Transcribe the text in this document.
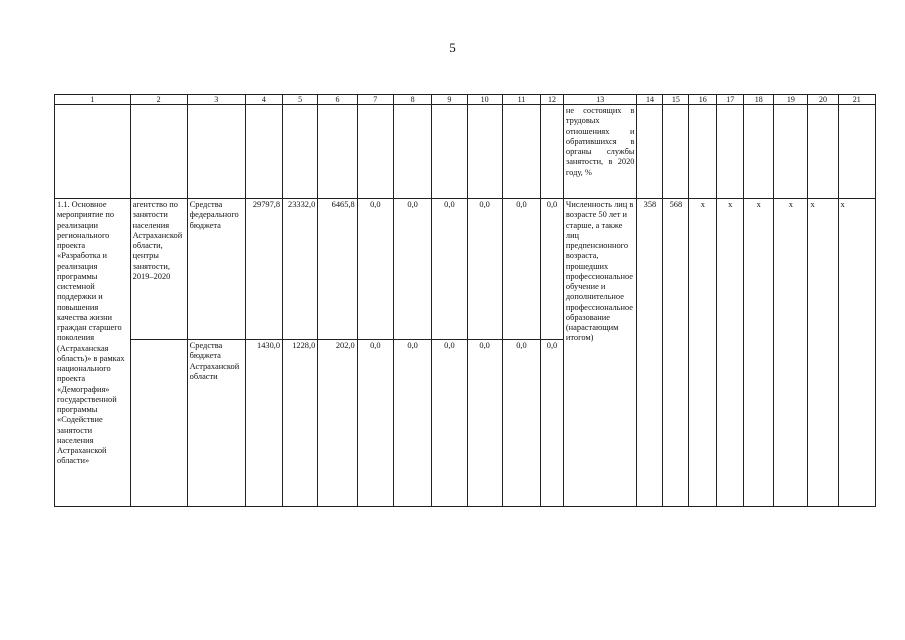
5
1	2	3	4	5	6	7	8	9	10	11	12	13	14	15	16	17	18	19	20	21
												не состоящих в трудовых отношениях и обратившихся в органы службы занятости, в 2020 году, %								
1.1. Основное мероприятие по реализации регионального проекта «Разработка и реализация программы системной поддержки и повышения качества жизни граждан старшего поколения (Астраханская область)» в рамках национального проекта «Демография» государственной программы «Содействие занятости населения Астраханской области»	агентство по занятости населения Астраханской области, центры занятости, 2019–2020	Средства федерального бюджета	29797,8	23332,0	6465,8	0,0	0,0	0,0	0,0	0,0	0,0	Численность лиц в возрасте 50 лет и старше, а также лиц предпенсионного возраста, прошедших профессиональное обучение и дополнительное профессиональное образование (нарастающим итогом)	358	568	x	x	x	x	x	x
		Средства бюджета Астраханской области	1430,0	1228,0	202,0	0,0	0,0	0,0	0,0	0,0	0,0									
